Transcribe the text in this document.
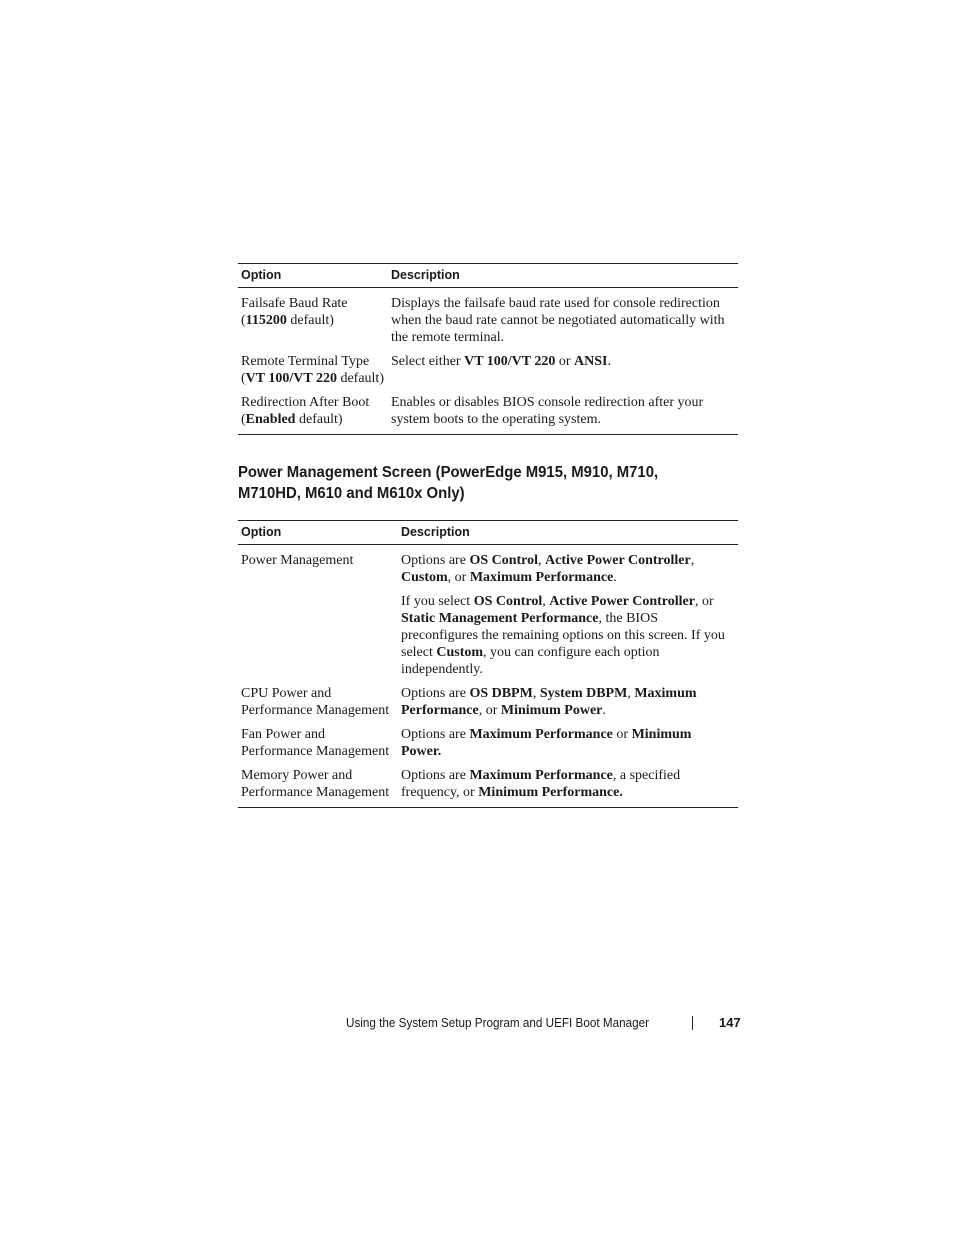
Option	Description
Failsafe Baud Rate (115200 default)	Displays the failsafe baud rate used for console redirection when the baud rate cannot be negotiated automatically with the remote terminal.

Remote Terminal Type (VT 100/VT 220 default)	Select either VT 100/VT 220 or ANSI.

Redirection After Boot (Enabled default)	Enables or disables BIOS console redirection after your system boots to the operating system.

Power Management Screen (PowerEdge M915, M910, M710, M710HD, M610 and M610x Only)
Option	Description
Power Management	Options are OS Control, Active Power Controller, Custom, or Maximum Performance.

If you select OS Control, Active Power Controller, or Static Management Performance, the BIOS preconfigures the remaining options on this screen. If you select Custom, you can configure each option independently.

CPU Power and Performance Management	Options are OS DBPM, System DBPM, Maximum Performance, or Minimum Power.

Fan Power and Performance Management	Options are Maximum Performance or Minimum Power.

Memory Power and Performance Management	Options are Maximum Performance, a specified frequency, or Minimum Performance.

Using the System Setup Program and UEFI Boot Manager	147
